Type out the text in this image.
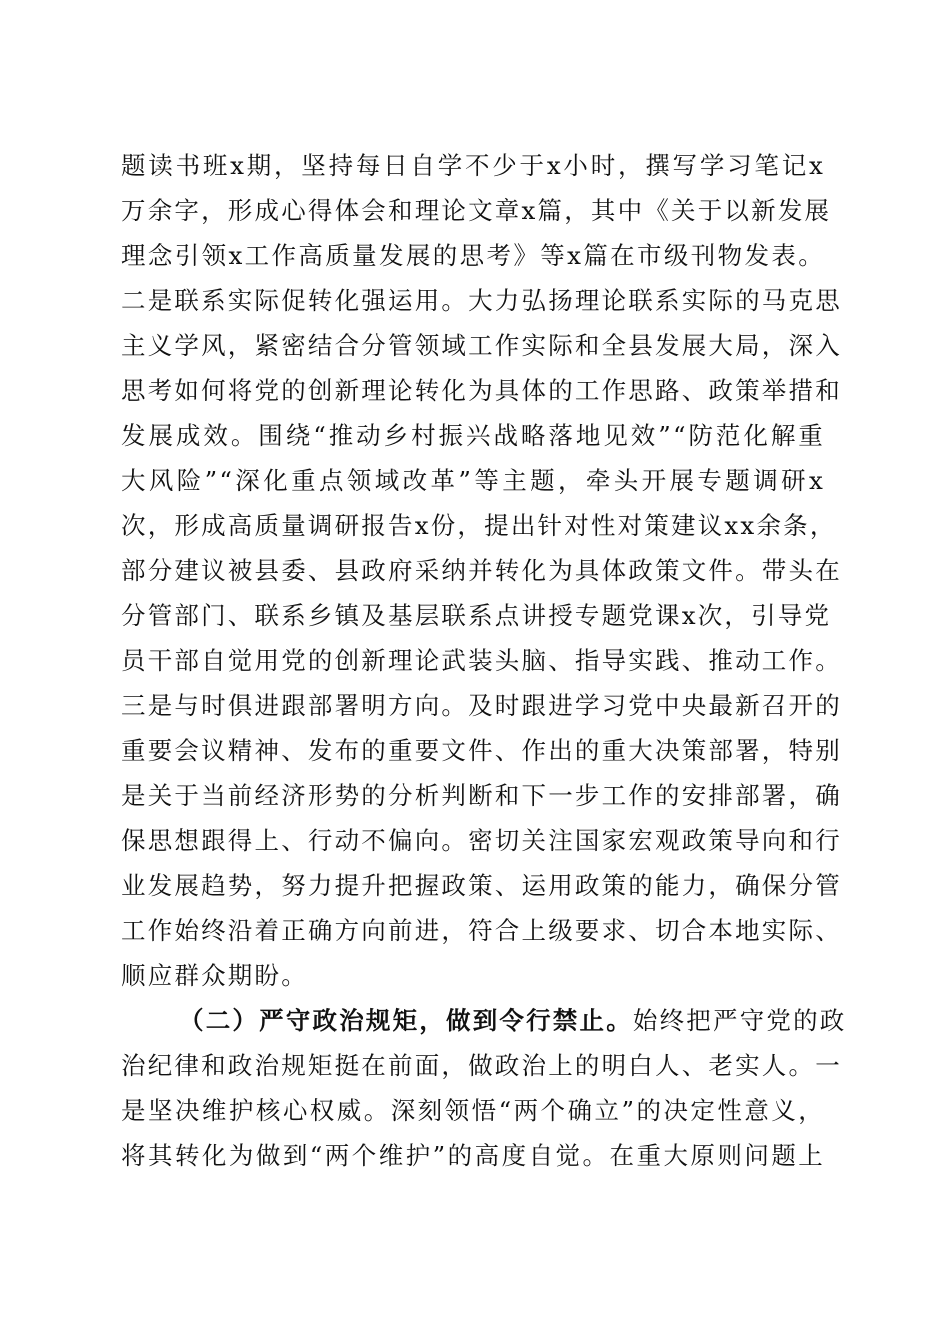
题读书班x期，坚持每日自学不少于x小时，撰写学习笔记x
万余字，形成心得体会和理论文章x篇，其中《关于以新发展
理念引领x工作高质量发展的思考》等x篇在市级刊物发表。
二是联系实际促转化强运用。大力弘扬理论联系实际的马克思
主义学风，紧密结合分管领域工作实际和全县发展大局，深入
思考如何将党的创新理论转化为具体的工作思路、政策举措和
发展成效。围绕“推动乡村振兴战略落地见效”“防范化解重
大风险”“深化重点领域改革”等主题，牵头开展专题调研x
次，形成高质量调研报告x份，提出针对性对策建议xx余条，
部分建议被县委、县政府采纳并转化为具体政策文件。带头在
分管部门、联系乡镇及基层联系点讲授专题党课x次，引导党
员干部自觉用党的创新理论武装头脑、指导实践、推动工作。
三是与时俱进跟部署明方向。及时跟进学习党中央最新召开的
重要会议精神、发布的重要文件、作出的重大决策部署，特别
是关于当前经济形势的分析判断和下一步工作的安排部署，确
保思想跟得上、行动不偏向。密切关注国家宏观政策导向和行
业发展趋势，努力提升把握政策、运用政策的能力，确保分管
工作始终沿着正确方向前进，符合上级要求、切合本地实际、
顺应群众期盼。
（二）严守政治规矩，做到令行禁止。始终把严守党的政
治纪律和政治规矩挺在前面，做政治上的明白人、老实人。一
是坚决维护核心权威。深刻领悟“两个确立”的决定性意义，
将其转化为做到“两个维护”的高度自觉。在重大原则问题上
